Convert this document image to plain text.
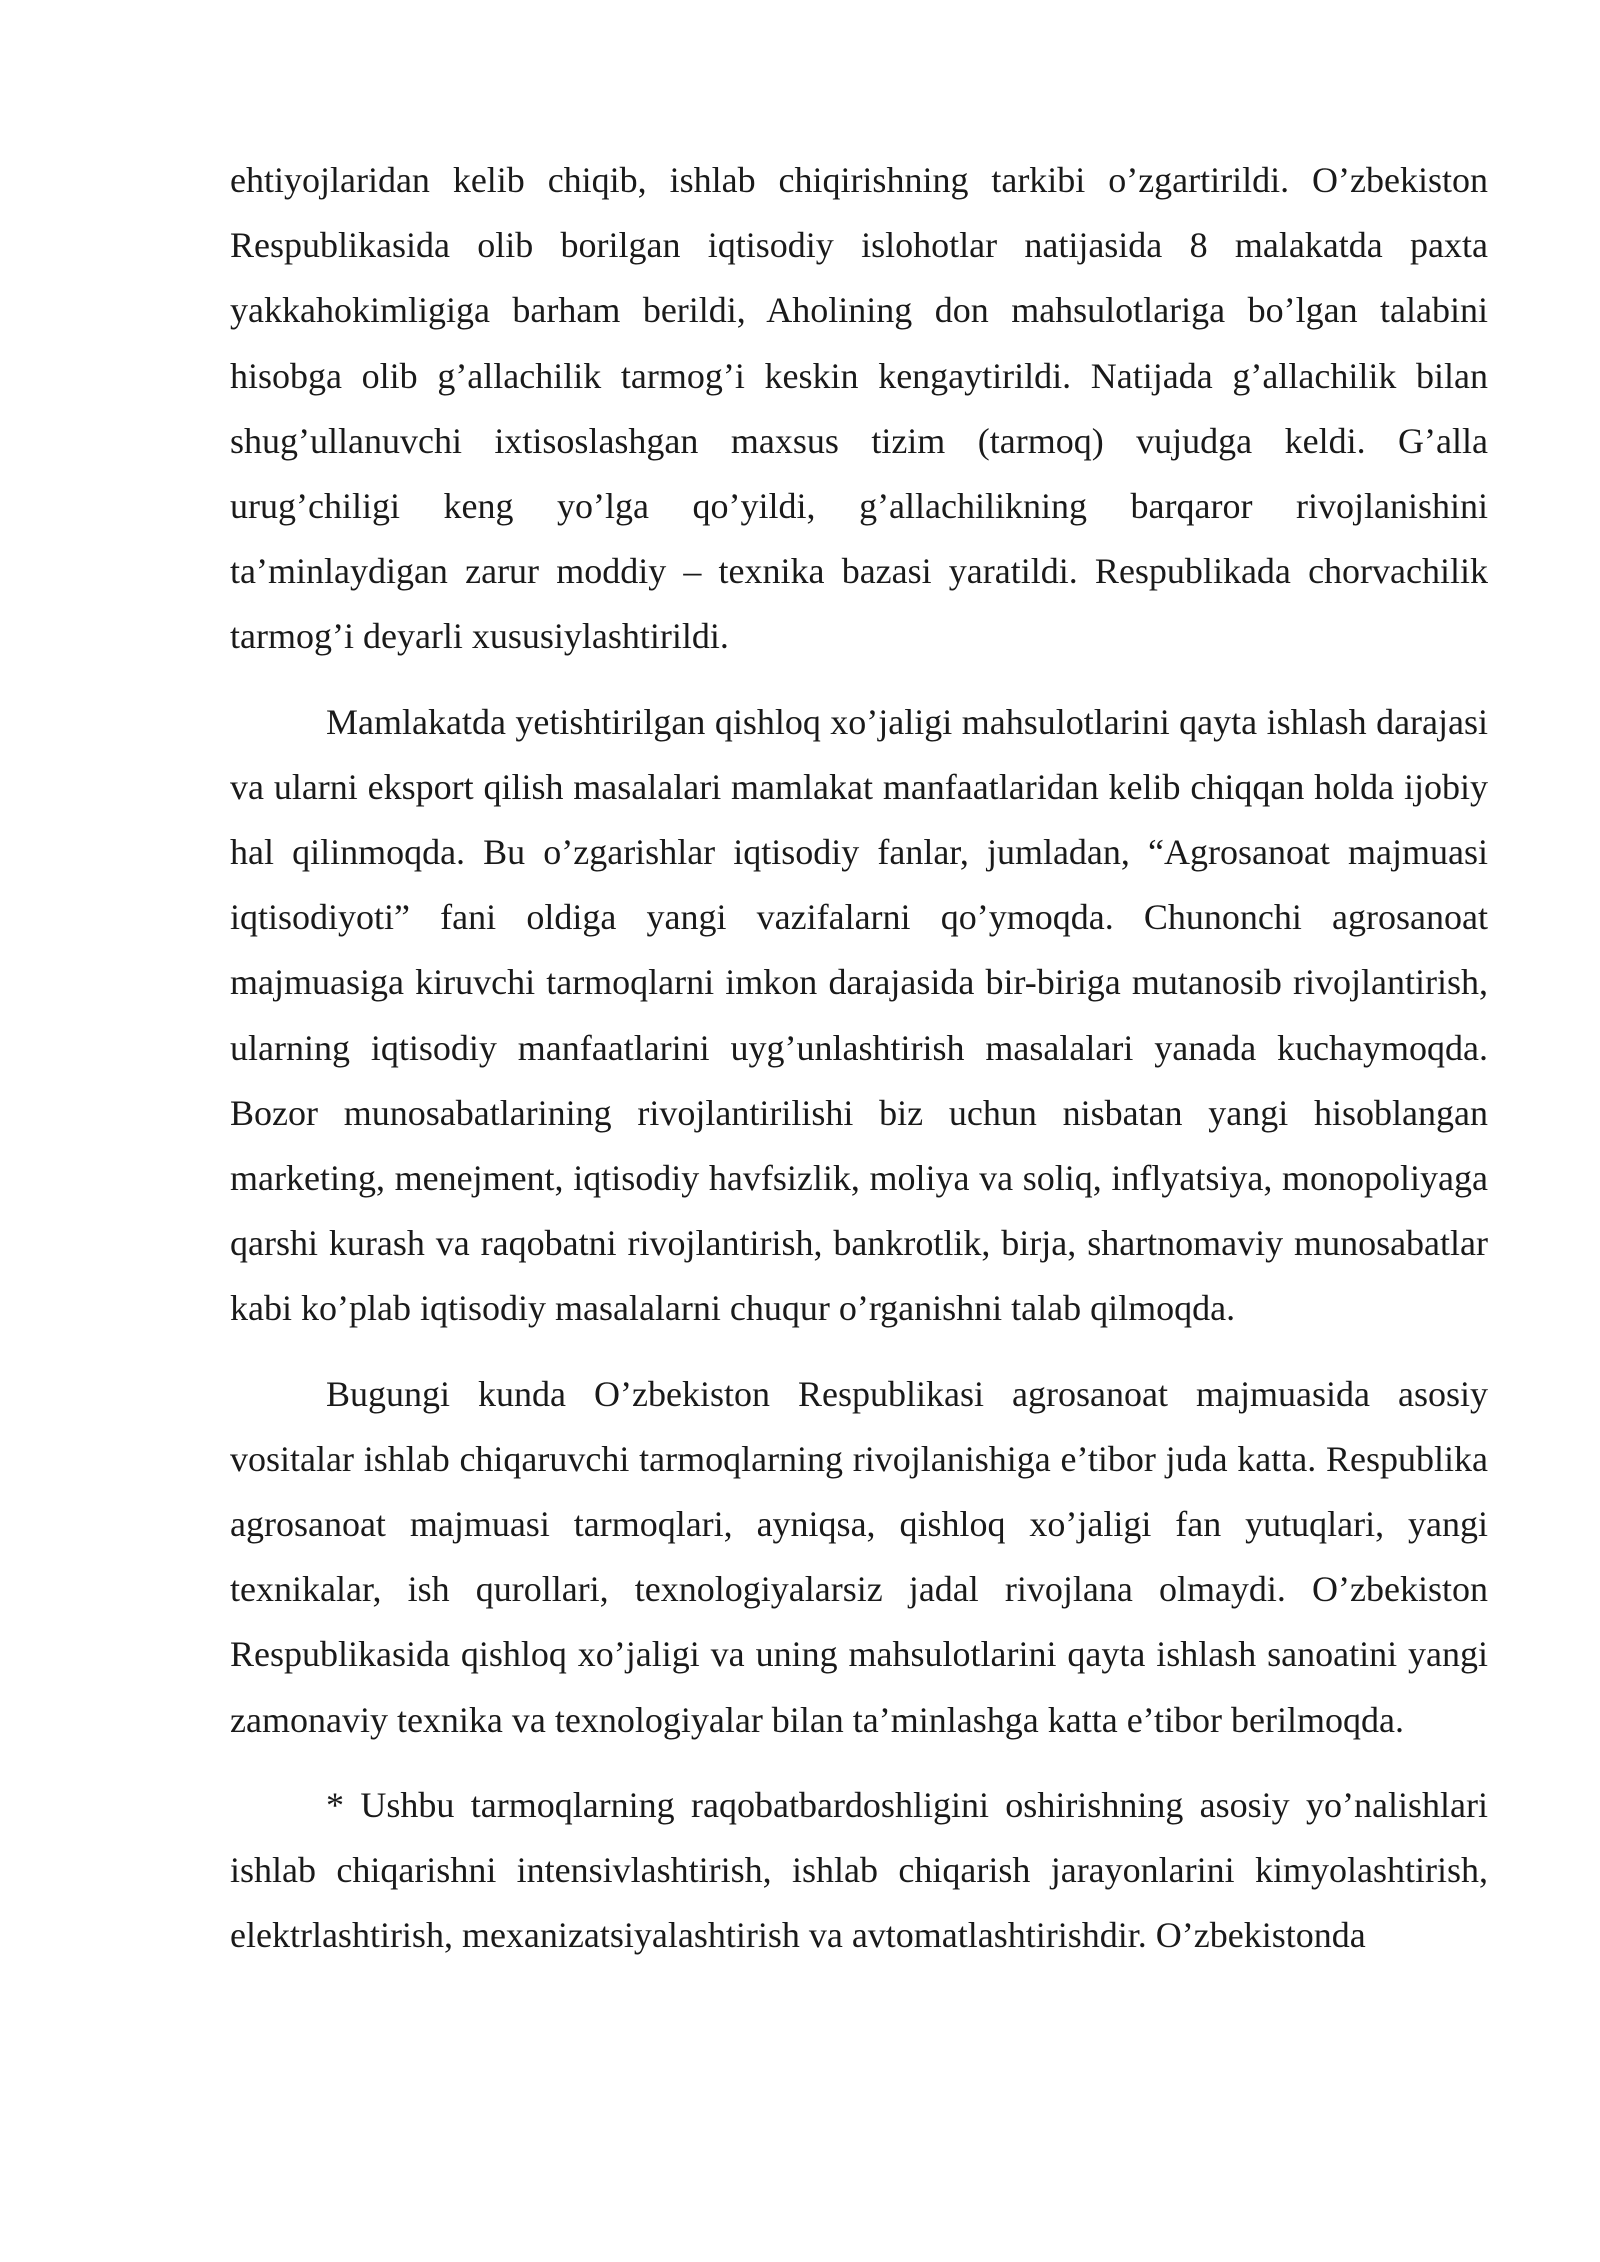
ehtiyojlaridan kelib chiqib, ishlab chiqirishning tarkibi o’zgartirildi. O’zbekiston Respublikasida olib borilgan iqtisodiy islohotlar natijasida 8 malakatda paxta yakkahokimligiga barham berildi, Aholining don mahsulotlariga bo’lgan talabini hisobga olib g’allachilik tarmog’i keskin kengaytirildi. Natijada g’allachilik bilan shug’ullanuvchi ixtisoslashgan maxsus tizim (tarmoq) vujudga keldi. G’alla urug’chiligi keng yo’lga qo’yildi, g’allachilikning barqaror rivojlanishini ta’minlaydigan zarur moddiy – texnika bazasi yaratildi. Respublikada chorvachilik tarmog’i deyarli xususiylashtirildi.

Mamlakatda yetishtirilgan qishloq xo’jaligi mahsulotlarini qayta ishlash darajasi va ularni eksport qilish masalalari mamlakat manfaatlaridan kelib chiqqan holda ijobiy hal qilinmoqda. Bu o’zgarishlar iqtisodiy fanlar, jumladan, “Agrosanoat majmuasi iqtisodiyoti” fani oldiga yangi vazifalarni qo’ymoqda. Chunonchi agrosanoat majmuasiga kiruvchi tarmoqlarni imkon darajasida bir-biriga mutanosib rivojlantirish, ularning iqtisodiy manfaatlarini uyg’unlashtirish masalalari yanada kuchaymoqda. Bozor munosabatlarining rivojlantirilishi biz uchun nisbatan yangi hisoblangan marketing, menejment, iqtisodiy havfsizlik, moliya va soliq, inflyatsiya, monopoliyaga qarshi kurash va raqobatni rivojlantirish, bankrotlik, birja, shartnomaviy munosabatlar kabi ko’plab iqtisodiy masalalarni chuqur o’rganishni talab qilmoqda.

Bugungi kunda O’zbekiston Respublikasi agrosanoat majmuasida asosiy vositalar ishlab chiqaruvchi tarmoqlarning rivojlanishiga e’tibor juda katta. Respublika agrosanoat majmuasi tarmoqlari, ayniqsa, qishloq xo’jaligi fan yutuqlari, yangi texnikalar, ish qurollari, texnologiyalarsiz jadal rivojlana olmaydi. O’zbekiston Respublikasida qishloq xo’jaligi va uning mahsulotlarini qayta ishlash sanoatini yangi zamonaviy texnika va texnologiyalar bilan ta’minlashga katta e’tibor berilmoqda.

* Ushbu tarmoqlarning raqobatbardoshligini oshirishning asosiy yo’nalishlari ishlab chiqarishni intensivlashtirish, ishlab chiqarish jarayonlarini kimyolashtirish, elektrlashtirish, mexanizatsiyalashtirish va avtomatlashtirishdir. O’zbekistonda
